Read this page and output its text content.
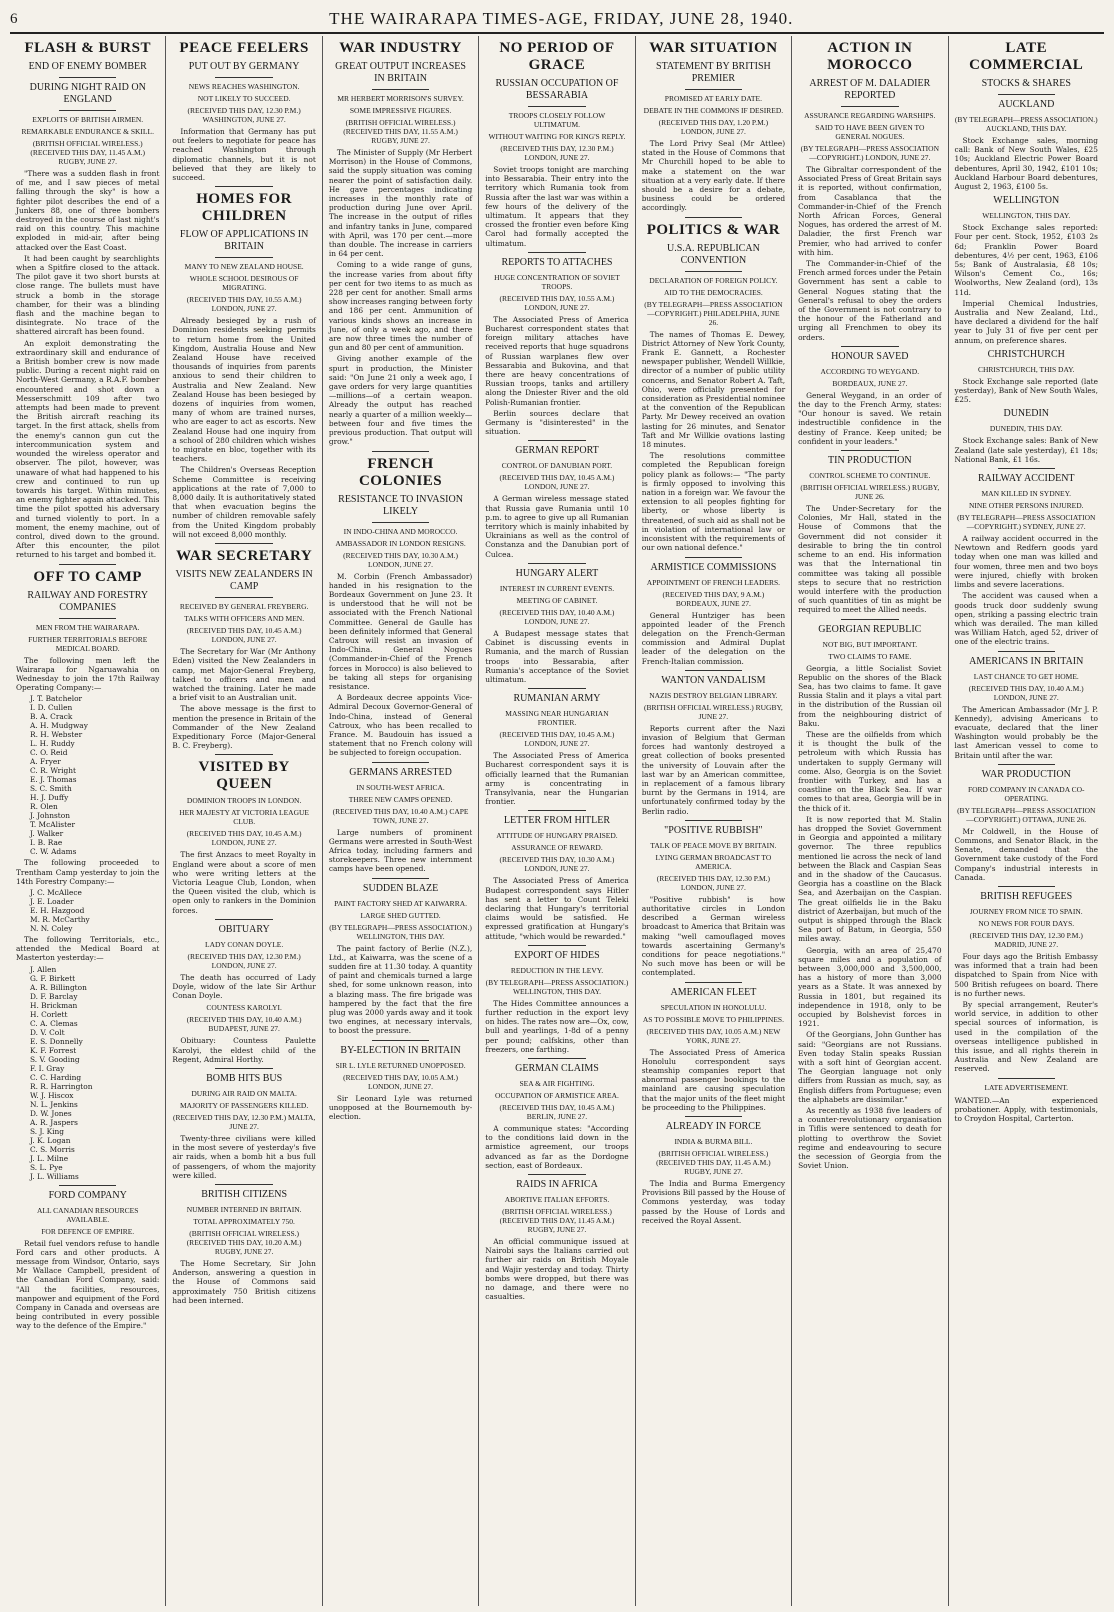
6	THE WAIRARAPA TIMES-AGE, FRIDAY, JUNE 28, 1940.
FLASH & BURST
END OF ENEMY BOMBER
DURING NIGHT RAID ON ENGLAND
EXPLOITS OF BRITISH AIRMEN.
REMARKABLE ENDURANCE & SKILL.
(BRITISH OFFICIAL WIRELESS.) (RECEIVED THIS DAY, 11.45 A.M.) RUGBY, JUNE 27.
"There was a sudden flash in front of me, and I saw pieces of metal falling through the sky" is how a fighter pilot describes the end of a Junkers 88, one of three bombers destroyed in the course of last night's raid on this country. This machine exploded in mid-air, after being attacked over the East Coast.
It had been caught by searchlights when a Spitfire closed to the attack. The pilot gave it two short bursts at close range. The bullets must have struck a bomb in the storage chamber, for their was a blinding flash and the machine began to disintegrate. No trace of the shattered aircraft has been found.
An exploit demonstrating the extraordinary skill and endurance of a British bomber crew is now made public. During a recent night raid on North-West Germany, a R.A.F. bomber encountered and shot down a Messerschmitt 109 after two attempts had been made to prevent the British aircraft reaching its target. In the first attack, shells from the enemy's cannon gun cut the intercommunication system and wounded the wireless operator and observer. The pilot, however, was unaware of what had happened to his crew and continued to run up towards his target. Within minutes, an enemy fighter again attacked. This time the pilot spotted his adversary and turned violently to port. In a moment, the enemy machine, out of control, dived down to the ground. After this encounter, the pilot returned to his target and bombed it.
OFF TO CAMP
RAILWAY AND FORESTRY COMPANIES
MEN FROM THE WAIRARAPA.
FURTHER TERRITORIALS BEFORE MEDICAL BOARD.
The following men left the Wairarapa for Ngaruawahia on Wednesday to join the 17th Railway Operating Company:—
J. T. Batchelor
I. D. Cullen
B. A. Crack
A. H. Mudgway
R. H. Webster
L. H. Ruddy
C. O. Reid
A. Fryer
C. R. Wright
E. J. Thomas
S. C. Smith
H. J. Duffy
R. Olen
J. Johnston
T. McAlister
J. Walker
I. B. Rae
C. W. Adams
The following proceeded to Trentham Camp yesterday to join the 14th Forestry Company:—
J. C. McAllece
J. E. Loader
E. H. Hazgood
M. R. McCarthy
N. N. Coley
The following Territorials, etc., attended the Medical Board at Masterton yesterday:—
J. Allen
G. F. Birkett
A. R. Billington
D. F. Barclay
H. Brickman
H. Corlett
C. A. Clemas
D. V. Colt
E. S. Donnelly
K. F. Forrest
S. V. Gooding
F. I. Gray
C. C. Harding
R. R. Harrington
W. J. Hiscox
N. L. Jenkins
D. W. Jones
A. R. Jaspers
S. J. King
J. K. Logan
C. S. Morris
J. L. Milne
S. L. Pye
J. L. Williams
FORD COMPANY
ALL CANADIAN RESOURCES AVAILABLE.
FOR DEFENCE OF EMPIRE.
Retail fuel vendors refuse to handle Ford cars and other products. A message from Windsor, Ontario, says Mr Wallace Campbell, president of the Canadian Ford Company, said: "All the facilities, resources, manpower and equipment of the Ford Company in Canada and overseas are being contributed in every possible way to the defence of the Empire."
PEACE FEELERS
PUT OUT BY GERMANY
NEWS REACHES WASHINGTON.
NOT LIKELY TO SUCCEED.
(RECEIVED THIS DAY, 12.30 P.M.) WASHINGTON, JUNE 27.
Information that Germany has put out feelers to negotiate for peace has reached Washington through diplomatic channels, but it is not believed that they are likely to succeed.
HOMES FOR CHILDREN
FLOW OF APPLICATIONS IN BRITAIN
MANY TO NEW ZEALAND HOUSE.
WHOLE SCHOOL DESIROUS OF MIGRATING.
(RECEIVED THIS DAY, 10.55 A.M.) LONDON, JUNE 27.
Already besieged by a rush of Dominion residents seeking permits to return home from the United Kingdom, Australia House and New Zealand House have received thousands of inquiries from parents anxious to send their children to Australia and New Zealand. New Zealand House has been besieged by dozens of inquiries from women, many of whom are trained nurses, who are eager to act as escorts. New Zealand House had one inquiry from a school of 280 children which wishes to migrate en bloc, together with its teachers.
The Children's Overseas Reception Scheme Committee is receiving applications at the rate of 7,000 to 8,000 daily. It is authoritatively stated that when evacuation begins the number of children removable safely from the United Kingdom probably will not exceed 8,000 monthly.
WAR SECRETARY
VISITS NEW ZEALANDERS IN CAMP
RECEIVED BY GENERAL FREYBERG.
TALKS WITH OFFICERS AND MEN.
(RECEIVED THIS DAY, 10.45 A.M.) LONDON, JUNE 27.
The Secretary for War (Mr Anthony Eden) visited the New Zealanders in camp, met Major-General Freyberg, talked to officers and men and watched the training. Later he made a brief visit to an Australian unit.
The above message is the first to mention the presence in Britain of the Commander of the New Zealand Expeditionary Force (Major-General B. C. Freyberg).
VISITED BY QUEEN
DOMINION TROOPS IN LONDON.
HER MAJESTY AT VICTORIA LEAGUE CLUB.
(RECEIVED THIS DAY, 10.45 A.M.) LONDON, JUNE 27.
The first Anzacs to meet Royalty in England were about a score of men who were writing letters at the Victoria League Club, London, when the Queen visited the club, which is open only to rankers in the Dominion forces.
OBITUARY
LADY CONAN DOYLE.
(RECEIVED THIS DAY, 12.30 P.M.) LONDON, JUNE 27.
The death has occurred of Lady Doyle, widow of the late Sir Arthur Conan Doyle.
COUNTESS KAROLYI.
(RECEIVED THIS DAY, 10.40 A.M.) BUDAPEST, JUNE 27.
Obituary: Countess Paulette Karolyi, the eldest child of the Regent, Admiral Horthy.
BOMB HITS BUS
DURING AIR RAID ON MALTA.
MAJORITY OF PASSENGERS KILLED.
(RECEIVED THIS DAY, 12.30 P.M.) MALTA, JUNE 27.
Twenty-three civilians were killed in the most severe of yesterday's five air raids, when a bomb hit a bus full of passengers, of whom the majority were killed.
BRITISH CITIZENS
NUMBER INTERNED IN BRITAIN.
TOTAL APPROXIMATELY 750.
(BRITISH OFFICIAL WIRELESS.) (RECEIVED THIS DAY, 10.20 A.M.) RUGBY, JUNE 27.
The Home Secretary, Sir John Anderson, answering a question in the House of Commons said approximately 750 British citizens had been interned.
WAR INDUSTRY
GREAT OUTPUT INCREASES IN BRITAIN
MR HERBERT MORRISON'S SURVEY.
SOME IMPRESSIVE FIGURES.
(BRITISH OFFICIAL WIRELESS.) (RECEIVED THIS DAY, 11.55 A.M.) RUGBY, JUNE 27.
The Minister of Supply (Mr Herbert Morrison) in the House of Commons, said the supply situation was coming nearer the point of satisfaction daily. He gave percentages indicating increases in the monthly rate of production during June over April. The increase in the output of rifles and infantry tanks in June, compared with April, was 170 per cent.—more than double. The increase in carriers in 64 per cent.
Coming to a wide range of guns, the increase varies from about fifty per cent for two items to as much as 228 per cent for another. Small arms show increases ranging between forty and 186 per cent. Ammunition of various kinds shows an increase in June, of only a week ago, and there are now three times the number of gun and 80 per cent of ammunition.
Giving another example of the spurt in production, the Minister said: "On June 21 only a week ago, I gave orders for very large quantities—millions—of a certain weapon. Already the output has reached nearly a quarter of a million weekly—between four and five times the previous production. That output will grow."
FRENCH COLONIES
RESISTANCE TO INVASION LIKELY
IN INDO-CHINA AND MOROCCO.
AMBASSADOR IN LONDON RESIGNS.
(RECEIVED THIS DAY, 10.30 A.M.) LONDON, JUNE 27.
M. Corbin (French Ambassador) handed in his resignation to the Bordeaux Government on June 23. It is understood that he will not be associated with the French National Committee. General de Gaulle has been definitely informed that General Catroux will resist an invasion of Indo-China. General Nogues (Commander-in-Chief of the French forces in Morocco) is also believed to be taking all steps for organising resistance.
A Bordeaux decree appoints Vice-Admiral Decoux Governor-General of Indo-China, instead of General Catroux, who has been recalled to France. M. Baudouin has issued a statement that no French colony will be subjected to foreign occupation.
GERMANS ARRESTED
IN SOUTH-WEST AFRICA.
THREE NEW CAMPS OPENED.
(RECEIVED THIS DAY, 10.40 A.M.) CAPE TOWN, JUNE 27.
Large numbers of prominent Germans were arrested in South-West Africa today, including farmers and storekeepers. Three new internment camps have been opened.
SUDDEN BLAZE
PAINT FACTORY SHED AT KAIWARRA.
LARGE SHED GUTTED.
(BY TELEGRAPH—PRESS ASSOCIATION.) WELLINGTON, THIS DAY.
The paint factory of Berlie (N.Z.), Ltd., at Kaiwarra, was the scene of a sudden fire at 11.30 today. A quantity of paint and chemicals turned a large shed, for some unknown reason, into a blazing mass. The fire brigade was hampered by the fact that the fire plug was 2000 yards away and it took two engines, at necessary intervals, to boost the pressure.
BY-ELECTION IN BRITAIN
SIR L. LYLE RETURNED UNOPPOSED.
(RECEIVED THIS DAY, 10.05 A.M.) LONDON, JUNE 27.
Sir Leonard Lyle was returned unopposed at the Bournemouth by-election.
NO PERIOD OF GRACE
RUSSIAN OCCUPATION OF BESSARABIA
TROOPS CLOSELY FOLLOW ULTIMATUM.
WITHOUT WAITING FOR KING'S REPLY.
(RECEIVED THIS DAY, 12.30 P.M.) LONDON, JUNE 27.
Soviet troops tonight are marching into Bessarabia. Their entry into the territory which Rumania took from Russia after the last war was within a few hours of the delivery of the ultimatum. It appears that they crossed the frontier even before King Carol had formally accepted the ultimatum.
REPORTS TO ATTACHES
HUGE CONCENTRATION OF SOVIET TROOPS.
(RECEIVED THIS DAY, 10.55 A.M.) LONDON, JUNE 27.
The Associated Press of America Bucharest correspondent states that foreign military attaches have received reports that huge squadrons of Russian warplanes flew over Bessarabia and Bukovina, and that there are heavy concentrations of Russian troops, tanks and artillery along the Dniester River and the old Polish-Rumanian frontier.
Berlin sources declare that Germany is "disinterested" in the situation.
GERMAN REPORT
CONTROL OF DANUBIAN PORT.
(RECEIVED THIS DAY, 10.45 A.M.) LONDON, JUNE 27.
A German wireless message stated that Russia gave Rumania until 10 p.m. to agree to give up all Rumanian territory which is mainly inhabited by Ukrainians as well as the control of Constanza and the Danubian port of Culcea.
HUNGARY ALERT
INTEREST IN CURRENT EVENTS.
MEETING OF CABINET.
(RECEIVED THIS DAY, 10.40 A.M.) LONDON, JUNE 27.
A Budapest message states that Cabinet is discussing events in Rumania, and the march of Russian troops into Bessarabia, after Rumania's acceptance of the Soviet ultimatum.
RUMANIAN ARMY
MASSING NEAR HUNGARIAN FRONTIER.
(RECEIVED THIS DAY, 10.45 A.M.) LONDON, JUNE 27.
The Associated Press of America Bucharest correspondent says it is officially learned that the Rumanian army is concentrating in Transylvania, near the Hungarian frontier.
LETTER FROM HITLER
ATTITUDE OF HUNGARY PRAISED.
ASSURANCE OF REWARD.
(RECEIVED THIS DAY, 10.30 A.M.) LONDON, JUNE 27.
The Associated Press of America Budapest correspondent says Hitler has sent a letter to Count Teleki declaring that Hungary's territorial claims would be satisfied. He expressed gratification at Hungary's attitude, "which would be rewarded."
EXPORT OF HIDES
REDUCTION IN THE LEVY.
(BY TELEGRAPH—PRESS ASSOCIATION.) WELLINGTON, THIS DAY.
The Hides Committee announces a further reduction in the export levy on hides. The rates now are—Ox, cow, bull and yearlings, 1-8d of a penny per pound; calfskins, other than freezers, one farthing.
GERMAN CLAIMS
SEA & AIR FIGHTING.
OCCUPATION OF ARMISTICE AREA.
(RECEIVED THIS DAY, 10.45 A.M.) BERLIN, JUNE 27.
A communique states: "According to the conditions laid down in the armistice agreement, our troops advanced as far as the Dordogne section, east of Bordeaux.
RAIDS IN AFRICA
ABORTIVE ITALIAN EFFORTS.
(BRITISH OFFICIAL WIRELESS.) (RECEIVED THIS DAY, 11.45 A.M.) RUGBY, JUNE 27.
An official communique issued at Nairobi says the Italians carried out further air raids on British Moyale and Wajir yesterday and today. Thirty bombs were dropped, but there was no damage, and there were no casualties.
WAR SITUATION
STATEMENT BY BRITISH PREMIER
PROMISED AT EARLY DATE.
DEBATE IN THE COMMONS IF DESIRED.
(RECEIVED THIS DAY, 1.20 P.M.) LONDON, JUNE 27.
The Lord Privy Seal (Mr Attlee) stated in the House of Commons that Mr Churchill hoped to be able to make a statement on the war situation at a very early date. If there should be a desire for a debate, business could be ordered accordingly.
POLITICS & WAR
U.S.A. REPUBLICAN CONVENTION
DECLARATION OF FOREIGN POLICY.
AID TO THE DEMOCRACIES.
(BY TELEGRAPH—PRESS ASSOCIATION—COPYRIGHT.) PHILADELPHIA, JUNE 26.
The names of Thomas E. Dewey, District Attorney of New York County, Frank E. Gannett, a Rochester newspaper publisher, Wendell Willkie, director of a number of public utility concerns, and Senator Robert A. Taft, Ohio, were officially presented for consideration as Presidential nominee at the convention of the Republican Party. Mr Dewey received an ovation lasting for 26 minutes, and Senator Taft and Mr Willkie ovations lasting 18 minutes.
The resolutions committee completed the Republican foreign policy plank as follows:— "The party is firmly opposed to involving this nation in a foreign war. We favour the extension to all peoples fighting for liberty, or whose liberty is threatened, of such aid as shall not be in violation of international law or inconsistent with the requirements of our own national defence."
ARMISTICE COMMISSIONS
APPOINTMENT OF FRENCH LEADERS.
(RECEIVED THIS DAY, 9 A.M.) BORDEAUX, JUNE 27.
General Huntziger has been appointed leader of the French delegation on the French-German commission and Admiral Duplat leader of the delegation on the French-Italian commission.
WANTON VANDALISM
NAZIS DESTROY BELGIAN LIBRARY.
(BRITISH OFFICIAL WIRELESS.) RUGBY, JUNE 27.
Reports current after the Nazi invasion of Belgium that German forces had wantonly destroyed a great collection of books presented the university of Louvain after the last war by an American committee, in replacement of a famous library burnt by the Germans in 1914, are unfortunately confirmed today by the Berlin radio.
"POSITIVE RUBBISH"
TALK OF PEACE MOVE BY BRITAIN.
LYING GERMAN BROADCAST TO AMERICA.
(RECEIVED THIS DAY, 12.30 P.M.) LONDON, JUNE 27.
"Positive rubbish" is how authoritative circles in London described a German wireless broadcast to America that Britain was making "well camouflaged moves towards ascertaining Germany's conditions for peace negotiations." No such move has been or will be contemplated.
AMERICAN FLEET
SPECULATION IN HONOLULU.
AS TO POSSIBLE MOVE TO PHILIPPINES.
(RECEIVED THIS DAY, 10.05 A.M.) NEW YORK, JUNE 27.
The Associated Press of America Honolulu correspondent says steamship companies report that abnormal passenger bookings to the mainland are causing speculation that the major units of the fleet might be proceeding to the Philippines.
ALREADY IN FORCE
INDIA & BURMA BILL.
(BRITISH OFFICIAL WIRELESS.) (RECEIVED THIS DAY, 11.45 A.M.) RUGBY, JUNE 27.
The India and Burma Emergency Provisions Bill passed by the House of Commons yesterday, was today passed by the House of Lords and received the Royal Assent.
ACTION IN MOROCCO
ARREST OF M. DALADIER REPORTED
ASSURANCE REGARDING WARSHIPS.
SAID TO HAVE BEEN GIVEN TO GENERAL NOGUES.
(BY TELEGRAPH—PRESS ASSOCIATION—COPYRIGHT.) LONDON, JUNE 27.
The Gibraltar correspondent of the Associated Press of Great Britain says it is reported, without confirmation, from Casablanca that the Commander-in-Chief of the French North African Forces, General Nogues, has ordered the arrest of M. Daladier, the first French war Premier, who had arrived to confer with him.
The Commander-in-Chief of the French armed forces under the Petain Government has sent a cable to General Nogues stating that the General's refusal to obey the orders of the Government is not contrary to the honour of the Fatherland and urging all Frenchmen to obey its orders.
HONOUR SAVED
ACCORDING TO WEYGAND.
BORDEAUX, JUNE 27.
General Weygand, in an order of the day to the French Army, states: "Our honour is saved. We retain indestructible confidence in the destiny of France. Keep united; be confident in your leaders."
TIN PRODUCTION
CONTROL SCHEME TO CONTINUE.
(BRITISH OFFICIAL WIRELESS.) RUGBY, JUNE 26.
The Under-Secretary for the Colonies, Mr Hall, stated in the House of Commons that the Government did not consider it desirable to bring the tin control scheme to an end. His information was that the International tin committee was taking all possible steps to secure that no restriction would interfere with the production of such quantities of tin as might be required to meet the Allied needs.
GEORGIAN REPUBLIC
NOT BIG, BUT IMPORTANT.
TWO CLAIMS TO FAME.
Georgia, a little Socialist Soviet Republic on the shores of the Black Sea, has two claims to fame. It gave Russia Stalin and it plays a vital part in the distribution of the Russian oil from the neighbouring district of Baku.
These are the oilfields from which it is thought the bulk of the petroleum with which Russia has undertaken to supply Germany will come. Also, Georgia is on the Soviet frontier with Turkey, and has a coastline on the Black Sea. If war comes to that area, Georgia will be in the thick of it.
It is now reported that M. Stalin has dropped the Soviet Government in Georgia and appointed a military governor. The three republics mentioned lie across the neck of land between the Black and Caspian Seas and in the shadow of the Caucasus. Georgia has a coastline on the Black Sea, and Azerbaijan on the Caspian. The great oilfields lie in the Baku district of Azerbaijan, but much of the output is shipped through the Black Sea port of Batum, in Georgia, 550 miles away.
Georgia, with an area of 25,470 square miles and a population of between 3,000,000 and 3,500,000, has a history of more than 3,000 years as a State. It was annexed by Russia in 1801, but regained its independence in 1918, only to be occupied by Bolshevist forces in 1921.
Of the Georgians, John Gunther has said: "Georgians are not Russians. Even today Stalin speaks Russian with a soft hint of Georgian accent. The Georgian language not only differs from Russian as much, say, as English differs from Portuguese; even the alphabets are dissimilar."
As recently as 1938 five leaders of a counter-revolutionary organisation in Tiflis were sentenced to death for plotting to overthrow the Soviet regime and endeavouring to secure the secession of Georgia from the Soviet Union.
LATE COMMERCIAL
STOCKS & SHARES
AUCKLAND
(BY TELEGRAPH—PRESS ASSOCIATION.) AUCKLAND, THIS DAY.
Stock Exchange sales, morning call: Bank of New South Wales, £25 10s; Auckland Electric Power Board debentures, April 30, 1942, £101 10s; Auckland Harbour Board debentures, August 2, 1963, £100 5s.
WELLINGTON
WELLINGTON, THIS DAY.
Stock Exchange sales reported: Four per cent. Stock, 1952, £103 2s 6d; Franklin Power Board debentures, 4½ per cent, 1963, £106 5s; Bank of Australasia, £8 10s; Wilson's Cement Co., 16s; Woolworths, New Zealand (ord), 13s 11d.
Imperial Chemical Industries, Australia and New Zealand, Ltd., have declared a dividend for the half year to July 31 of five per cent per annum, on preference shares.
CHRISTCHURCH
CHRISTCHURCH, THIS DAY.
Stock Exchange sale reported (late yesterday), Bank of New South Wales, £25.
DUNEDIN
DUNEDIN, THIS DAY.
Stock Exchange sales: Bank of New Zealand (late sale yesterday), £1 18s; National Bank, £1 16s.
RAILWAY ACCIDENT
MAN KILLED IN SYDNEY.
NINE OTHER PERSONS INJURED.
(BY TELEGRAPH—PRESS ASSOCIATION—COPYRIGHT.) SYDNEY, JUNE 27.
A railway accident occurred in the Newtown and Redfern goods yard today when one man was killed and four women, three men and two boys were injured, chiefly with broken limbs and severe lacerations.
The accident was caused when a goods truck door suddenly swung open, striking a passing electric train which was derailed. The man killed was William Hatch, aged 52, driver of one of the electric trains.
AMERICANS IN BRITAIN
LAST CHANCE TO GET HOME.
(RECEIVED THIS DAY, 10.40 A.M.) LONDON, JUNE 27.
The American Ambassador (Mr J. P. Kennedy), advising Americans to evacuate, declared that the liner Washington would probably be the last American vessel to come to Britain until after the war.
WAR PRODUCTION
FORD COMPANY IN CANADA CO-OPERATING.
(BY TELEGRAPH—PRESS ASSOCIATION—COPYRIGHT.) OTTAWA, JUNE 26.
Mr Coldwell, in the House of Commons, and Senator Black, in the Senate, demanded that the Government take custody of the Ford Company's industrial interests in Canada.
BRITISH REFUGEES
JOURNEY FROM NICE TO SPAIN.
NO NEWS FOR FOUR DAYS.
(RECEIVED THIS DAY, 12.30 P.M.) MADRID, JUNE 27.
Four days ago the British Embassy was informed that a train had been dispatched to Spain from Nice with 500 British refugees on board. There is no further news.
By special arrangement, Reuter's world service, in addition to other special sources of information, is used in the compilation of the overseas intelligence published in this issue, and all rights therein in Australia and New Zealand are reserved.
LATE ADVERTISEMENT.
WANTED.—An experienced probationer. Apply, with testimonials, to Croydon Hospital, Carterton.
